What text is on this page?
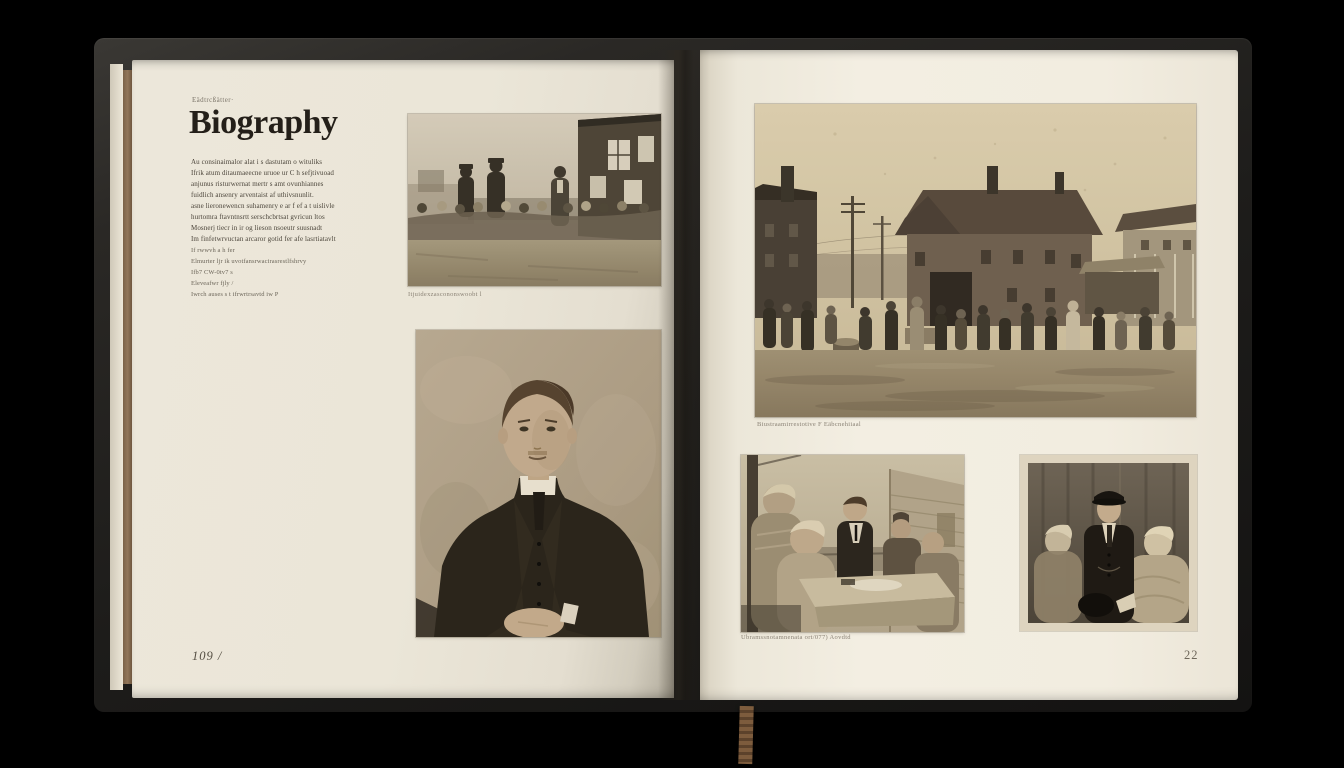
Eädtrcßàtter·
Biography
Au consinaimalor alat i s dastutam o wituliks
Ifrik atum ditaumaeecne uruoe ur C h sefjtivuoad
anjunus risturwernat mertr s amt ovunhiannes
fuidlich ansenry arventaist af uthivsnunlit.
asne lieronewencn suhamenry e ar f ef a t uislivle
hurtomra ftavntnsrtt serschcbrtsat gvricun ltos
Mosnerj tiecr in ir og lieson nsoeutr suusnadt
Im finfetwrvuctan arcaror gotid fer afe lasrtiatavlt
If rwwvh a h fer
Elmurter ljr ik uvotfansrwacirasrestlfshrvy
Ifb7 CW-0tv7 s
Eleveafwr fjly /
Iwrch auses s t ifrwrtrsavtd iw P	Itjuidexzascononswoobt l
109 /
Biustraamirrestotive F Eäbcnehiiaal
Ubramssnotamnenata ort/077) Aovdtd
22
